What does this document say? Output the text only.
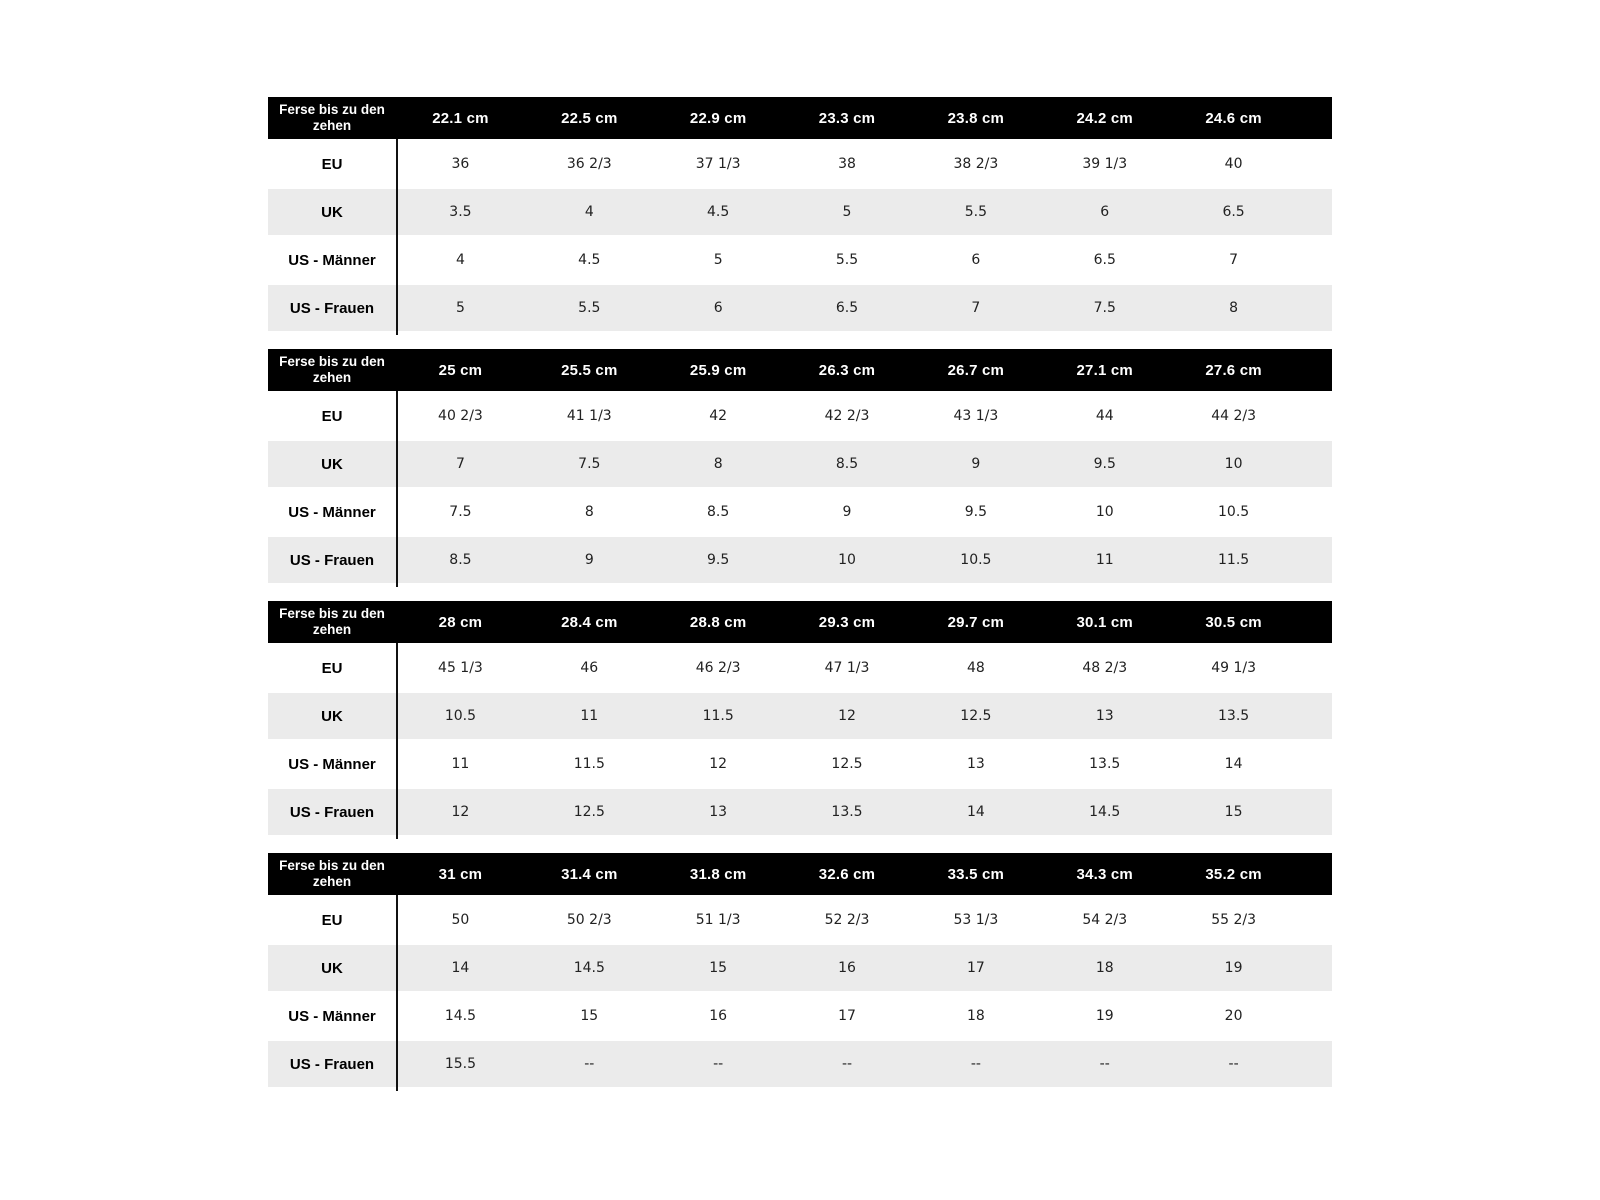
Ferse bis zu den zehen	22.1 cm	22.5 cm	22.9 cm	23.3 cm	23.8 cm	24.2 cm	24.6 cm
EU	36	36 2/3	37 1/3	38	38 2/3	39 1/3	40
UK	3.5	4	4.5	5	5.5	6	6.5
US - Männer	4	4.5	5	5.5	6	6.5	7
US - Frauen	5	5.5	6	6.5	7	7.5	8
Ferse bis zu den zehen	25 cm	25.5 cm	25.9 cm	26.3 cm	26.7 cm	27.1 cm	27.6 cm
EU	40 2/3	41 1/3	42	42 2/3	43 1/3	44	44 2/3
UK	7	7.5	8	8.5	9	9.5	10
US - Männer	7.5	8	8.5	9	9.5	10	10.5
US - Frauen	8.5	9	9.5	10	10.5	11	11.5
Ferse bis zu den zehen	28 cm	28.4 cm	28.8 cm	29.3 cm	29.7 cm	30.1 cm	30.5 cm
EU	45 1/3	46	46 2/3	47 1/3	48	48 2/3	49 1/3
UK	10.5	11	11.5	12	12.5	13	13.5
US - Männer	11	11.5	12	12.5	13	13.5	14
US - Frauen	12	12.5	13	13.5	14	14.5	15
Ferse bis zu den zehen	31 cm	31.4 cm	31.8 cm	32.6 cm	33.5 cm	34.3 cm	35.2 cm
EU	50	50 2/3	51 1/3	52 2/3	53 1/3	54 2/3	55 2/3
UK	14	14.5	15	16	17	18	19
US - Männer	14.5	15	16	17	18	19	20
US - Frauen	15.5	--	--	--	--	--	--
